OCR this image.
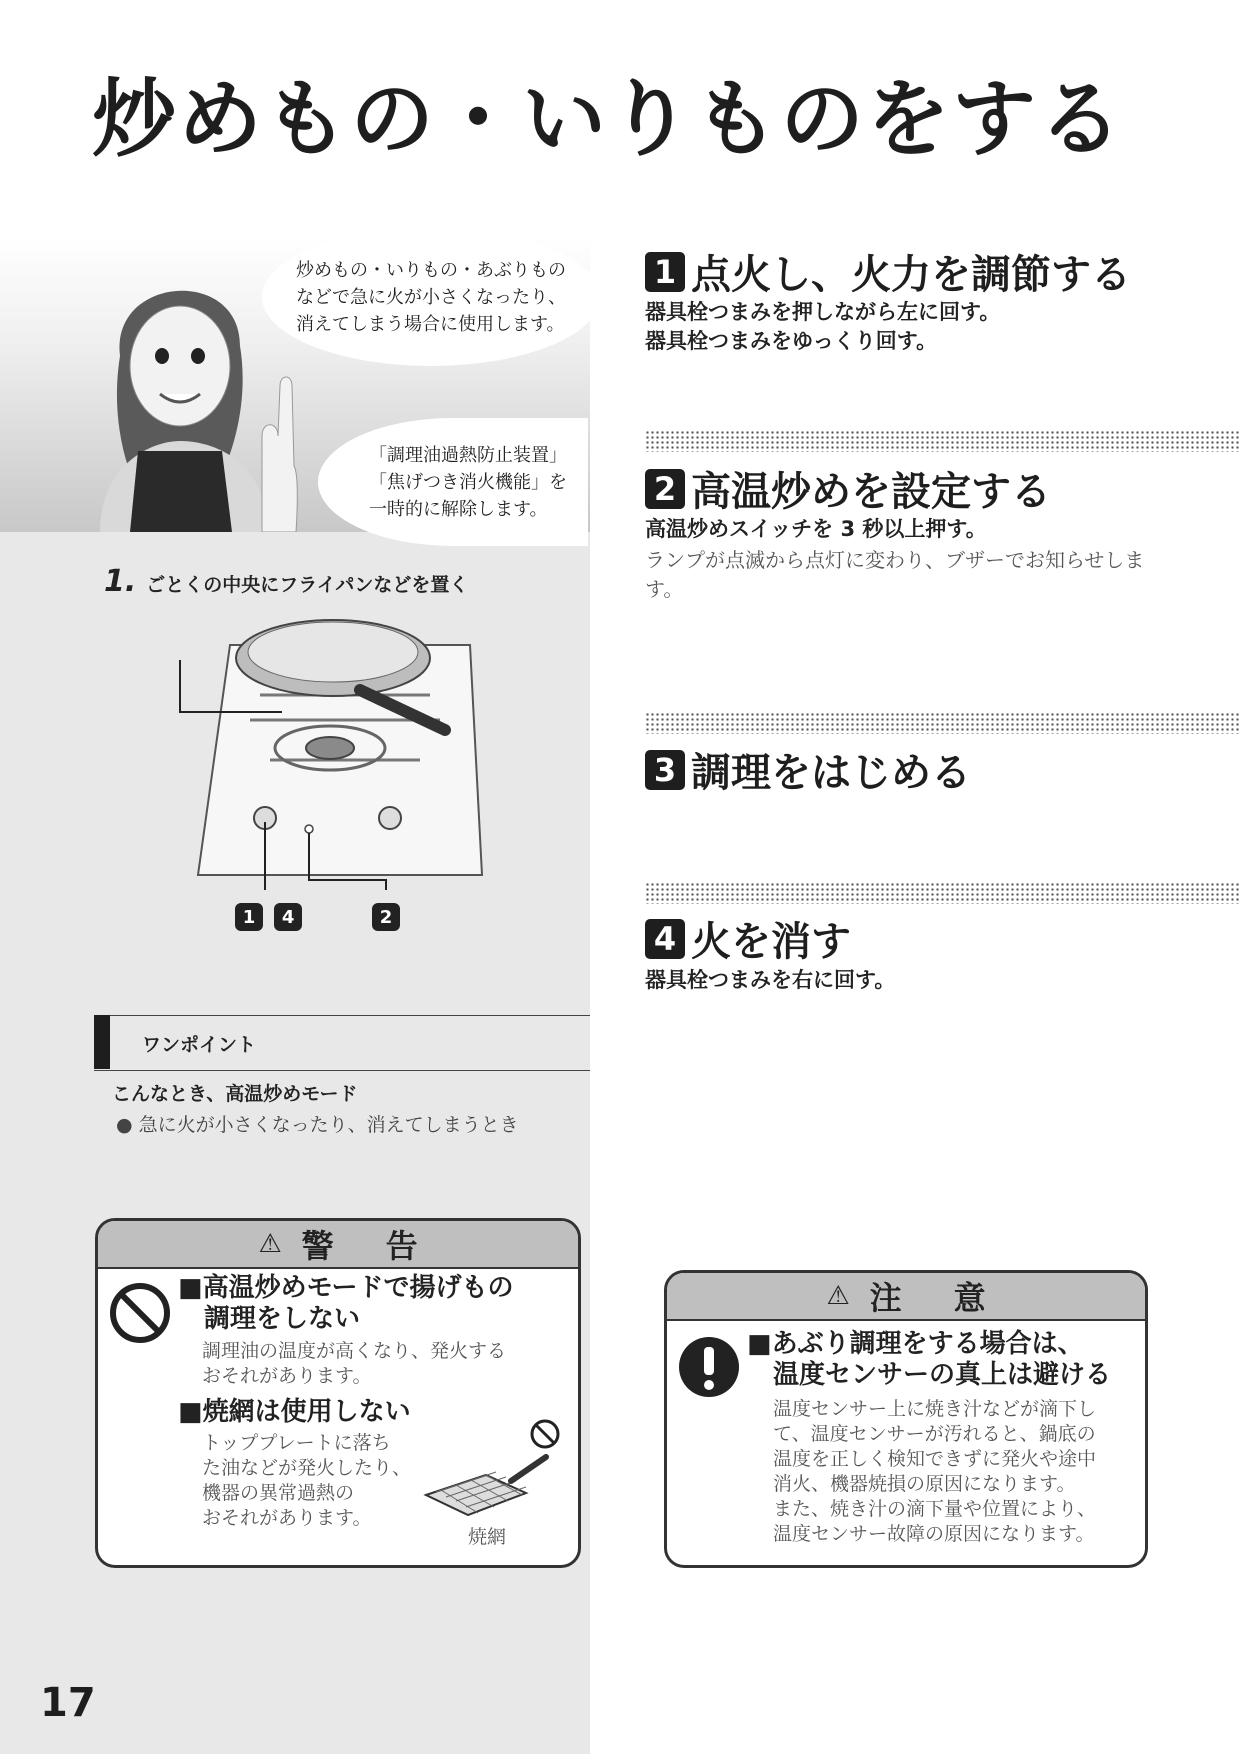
炒めもの・いりものをする
炒めもの・いりもの・あぶりもの
などで急に火が小さくなったり、
消えてしまう場合に使用します。
「調理油過熱防止装置」
「焦げつき消火機能」を
一時的に解除します。
1. ごとくの中央にフライパンなどを置く
1 4	2
ワンポイント
こんなとき、高温炒めモード
● 急に火が小さくなったり、消えてしまうとき
⚠ 警 告
■高温炒めモードで揚げもの
　調理をしない
調理油の温度が高くなり、発火する
おそれがあります。
■焼網は使用しない
トッププレートに落ち
た油などが発火したり、
機器の異常過熱の
おそれがあります。
焼網
1 点火し、火力を調節する
器具栓つまみを押しながら左に回す。
器具栓つまみをゆっくり回す。
2 高温炒めを設定する
高温炒めスイッチを 3 秒以上押す。
ランプが点滅から点灯に変わり、ブザーでお知らせします。
3 調理をはじめる
4 火を消す
器具栓つまみを右に回す。
⚠ 注 意
■あぶり調理をする場合は、
　温度センサーの真上は避ける
温度センサー上に焼き汁などが滴下し
て、温度センサーが汚れると、鍋底の
温度を正しく検知できずに発火や途中
消火、機器焼損の原因になります。
また、焼き汁の滴下量や位置により、
温度センサー故障の原因になります。
17
